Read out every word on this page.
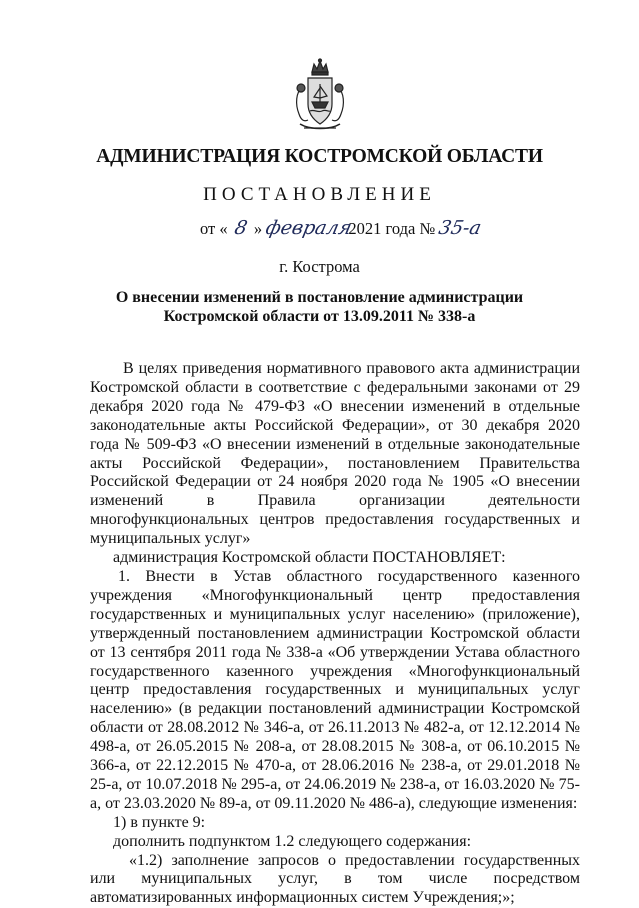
АДМИНИСТРАЦИЯ КОСТРОМСКОЙ ОБЛАСТИ
ПОСТАНОВЛЕНИЕ
от « 8 » февраля 2021 года № 35-а
г. Кострома
О внесении изменений в постановление администрации
Костромской области от 13.09.2011 № 338-а

В целях приведения нормативного правового акта администрации Костромской области в соответствие с федеральными законами от 29 декабря 2020 года № 479-ФЗ «О внесении изменений в отдельные законодательные акты Российской Федерации», от 30 декабря 2020 года № 509-ФЗ «О внесении изменений в отдельные законодательные акты Российской Федерации», постановлением Правительства Российской Федерации от 24 ноября 2020 года № 1905 «О внесении изменений в Правила организации деятельности многофункциональных центров предоставления государственных и муниципальных услуг»

администрация Костромской области ПОСТАНОВЛЯЕТ:

1. Внести в Устав областного государственного казенного учреждения «Многофункциональный центр предоставления государственных и муниципальных услуг населению» (приложение), утвержденный постановлением администрации Костромской области от 13 сентября 2011 года № 338-а «Об утверждении Устава областного государственного казенного учреждения «Многофункциональный центр предоставления государственных и муниципальных услуг населению» (в редакции постановлений администрации Костромской области от 28.08.2012 № 346-а, от 26.11.2013 № 482-а, от 12.12.2014 № 498-а, от 26.05.2015 № 208-а, от 28.08.2015 № 308-а, от 06.10.2015 № 366-а, от 22.12.2015 № 470-а, от 28.06.2016 № 238-а, от 29.01.2018 № 25-а, от 10.07.2018 № 295-а, от 24.06.2019 № 238-а, от 16.03.2020 № 75-а, от 23.03.2020 № 89-а, от 09.11.2020 № 486-а), следующие изменения:

1) в пункте 9:

дополнить подпунктом 1.2 следующего содержания:

«1.2) заполнение запросов о предоставлении государственных или муниципальных услуг, в том числе посредством автоматизированных информационных систем Учреждения;»;
